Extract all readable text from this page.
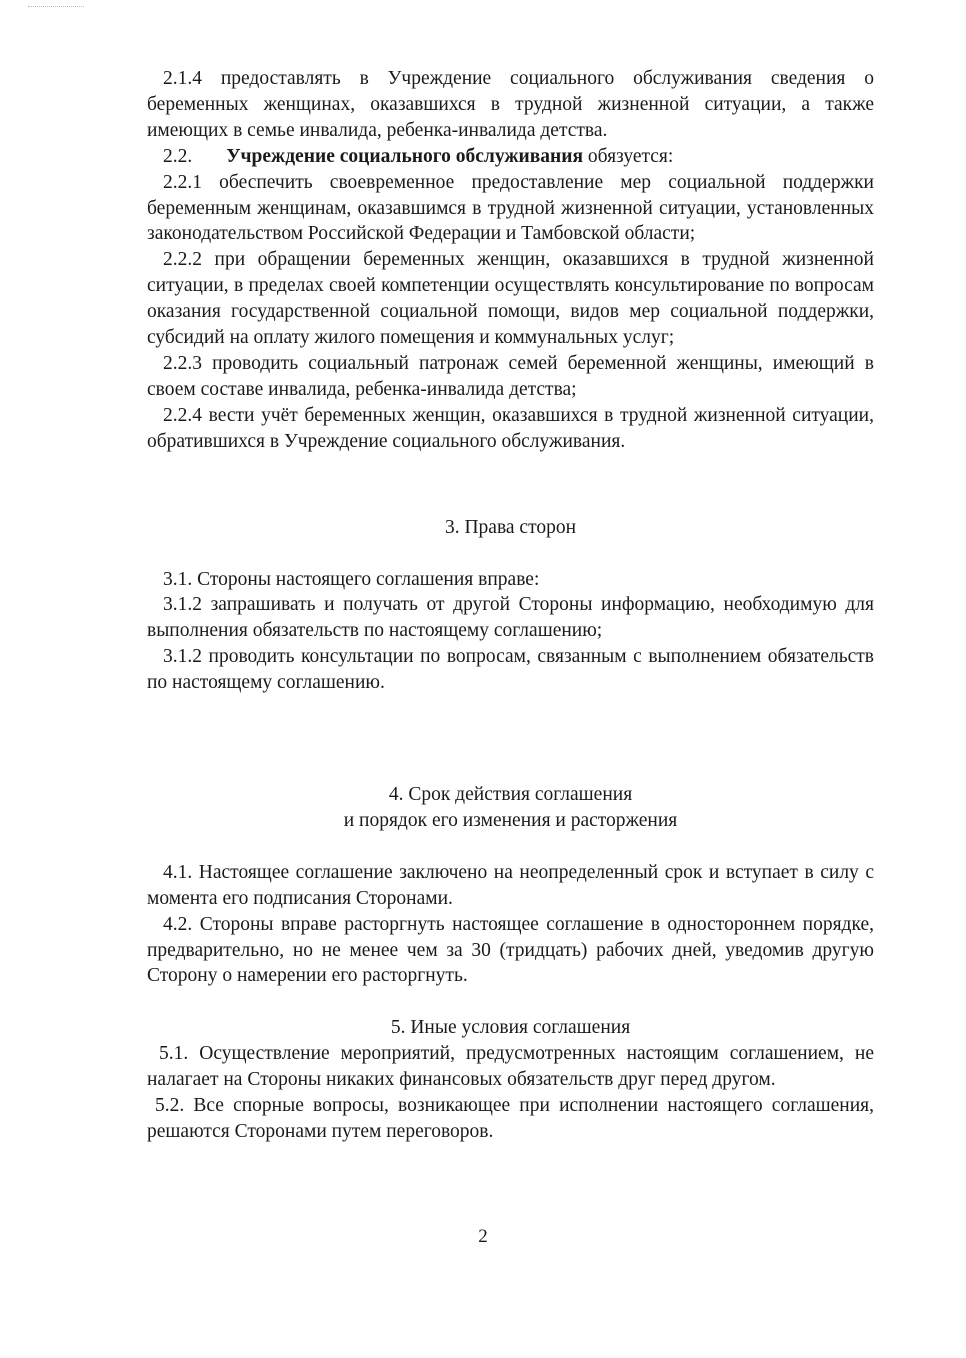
2.1.4 предоставлять в Учреждение социального обслуживания сведения о беременных женщинах, оказавшихся в трудной жизненной ситуации, а также имеющих в семье инвалида, ребенка-инвалида детства.

2.2. Учреждение социального обслуживания обязуется:

2.2.1 обеспечить своевременное предоставление мер социальной поддержки беременным женщинам, оказавшимся в трудной жизненной ситуации, установленных законодательством Российской Федерации и Тамбовской области;

2.2.2 при обращении беременных женщин, оказавшихся в трудной жизненной ситуации, в пределах своей компетенции осуществлять консультирование по вопросам оказания государственной социальной помощи, видов мер социальной поддержки, субсидий на оплату жилого помещения и коммунальных услуг;

2.2.3 проводить социальный патронаж семей беременной женщины, имеющий в своем составе инвалида, ребенка-инвалида детства;

2.2.4 вести учёт беременных женщин, оказавшихся в трудной жизненной ситуации, обратившихся в Учреждение социального обслуживания.

3. Права сторон

3.1. Стороны настоящего соглашения вправе:

3.1.2 запрашивать и получать от другой Стороны информацию, необходимую для выполнения обязательств по настоящему соглашению;

3.1.2 проводить консультации по вопросам, связанным с выполнением обязательств по настоящему соглашению.

4. Срок действия соглашения

и порядок его изменения и расторжения

4.1. Настоящее соглашение заключено на неопределенный срок и вступает в силу с момента его подписания Сторонами.

4.2. Стороны вправе расторгнуть настоящее соглашение в одностороннем порядке, предварительно, но не менее чем за 30 (тридцать) рабочих дней, уведомив другую Сторону о намерении его расторгнуть.

5. Иные условия соглашения

5.1. Осуществление мероприятий, предусмотренных настоящим соглашением, не налагает на Стороны никаких финансовых обязательств друг перед другом.

5.2. Все спорные вопросы, возникающее при исполнении настоящего соглашения, решаются Сторонами путем переговоров.

2
